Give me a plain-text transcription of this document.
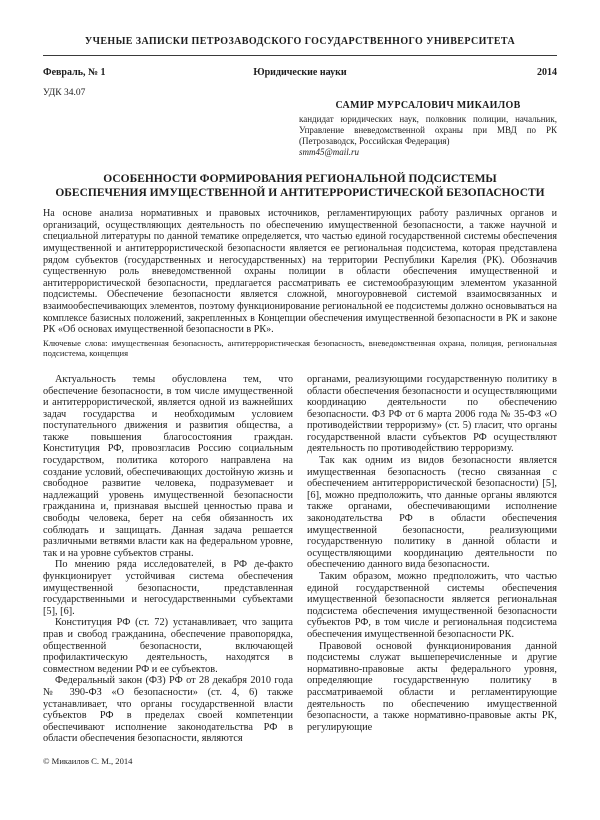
УЧЕНЫЕ ЗАПИСКИ ПЕТРОЗАВОДСКОГО ГОСУДАРСТВЕННОГО УНИВЕРСИТЕТА
Февраль, № 1	Юридические науки	2014
УДК 34.07
САМИР МУРСАЛОВИЧ МИКАИЛОВ
кандидат юридических наук, полковник полиции, начальник, Управление вневедомственной охраны при МВД по РК (Петрозаводск, Российская Федерация)
smm45@mail.ru
ОСОБЕННОСТИ ФОРМИРОВАНИЯ РЕГИОНАЛЬНОЙ ПОДСИСТЕМЫ
ОБЕСПЕЧЕНИЯ ИМУЩЕСТВЕННОЙ И АНТИТЕРРОРИСТИЧЕСКОЙ БЕЗОПАСНОСТИ

На основе анализа нормативных и правовых источников, регламентирующих работу различных органов и организаций, осуществляющих деятельность по обеспечению имущественной безопасности, а также научной и специальной литературы по данной тематике определяется, что частью единой государственной системы обеспечения имущественной и антитеррористической безопасности является ее региональная подсистема, которая представлена рядом субъектов (государственных и негосударственных) на территории Республики Карелия (РК). Обозначив существенную роль вневедомственной охраны полиции в области обеспечения имущественной и антитеррористической безопасности, предлагается рассматривать ее системообразующим элементом указанной подсистемы. Обеспечение безопасности является сложной, многоуровневой системой взаимосвязанных и взаимообеспечивающих элементов, поэтому функционирование региональной ее подсистемы должно основываться на комплексе базисных положений, закрепленных в Концепции обеспечения имущественной безопасности в РК и законе РК «Об основах имущественной безопасности в РК».

Ключевые слова: имущественная безопасность, антитеррористическая безопасность, вневедомственная охрана, полиция, региональная подсистема, концепция

Актуальность темы обусловлена тем, что обеспечение безопасности, в том числе имущественной и антитеррористической, является одной из важнейших задач государства и необходимым условием поступательного движения и развития общества, а также повышения благосостояния граждан. Конституция РФ, провозгласив Россию социальным государством, политика которого направлена на создание условий, обеспечивающих достойную жизнь и свободное развитие человека, подразумевает и надлежащий уровень имущественной безопасности гражданина и, признавая высшей ценностью права и свободы человека, берет на себя обязанность их соблюдать и защищать. Данная задача решается различными ветвями власти как на федеральном уровне, так и на уровне субъектов страны.

По мнению ряда исследователей, в РФ де-факто функционирует устойчивая система обеспечения имущественной безопасности, представленная государственными и негосударственными субъектами [5], [6].

Конституция РФ (ст. 72) устанавливает, что защита прав и свобод гражданина, обеспечение правопорядка, общественной безопасности, включающей профилактическую деятельность, находятся в совместном ведении РФ и ее субъектов.

Федеральный закон (ФЗ) РФ от 28 декабря 2010 года № 390-ФЗ «О безопасности» (ст. 4, 6) также устанавливает, что органы государственной власти субъектов РФ в пределах своей компетенции обеспечивают исполнение законодательства РФ в области обеспечения безопасности, являются

органами, реализующими государственную политику в области обеспечения безопасности и осуществляющими координацию деятельности по обеспечению безопасности. ФЗ РФ от 6 марта 2006 года № 35-ФЗ «О противодействии терроризму» (ст. 5) гласит, что органы государственной власти субъектов РФ осуществляют деятельность по противодействию терроризму.

Так как одним из видов безопасности является имущественная безопасность (тесно связанная с обеспечением антитеррористической безопасности) [5], [6], можно предположить, что данные органы являются также органами, обеспечивающими исполнение законодательства РФ в области обеспечения имущественной безопасности, реализующими государственную политику в данной области и осуществляющими координацию деятельности по обеспечению данного вида безопасности.

Таким образом, можно предположить, что частью единой государственной системы обеспечения имущественной безопасности является региональная подсистема обеспечения имущественной безопасности субъектов РФ, в том числе и региональная подсистема обеспечения имущественной безопасности РК.

Правовой основой функционирования данной подсистемы служат вышеперечисленные и другие нормативно-правовые акты федерального уровня, определяющие государственную политику в рассматриваемой области и регламентирующие деятельность по обеспечению имущественной безопасности, а также нормативно-правовые акты РК, регулирующие

© Микаилов С. М., 2014
